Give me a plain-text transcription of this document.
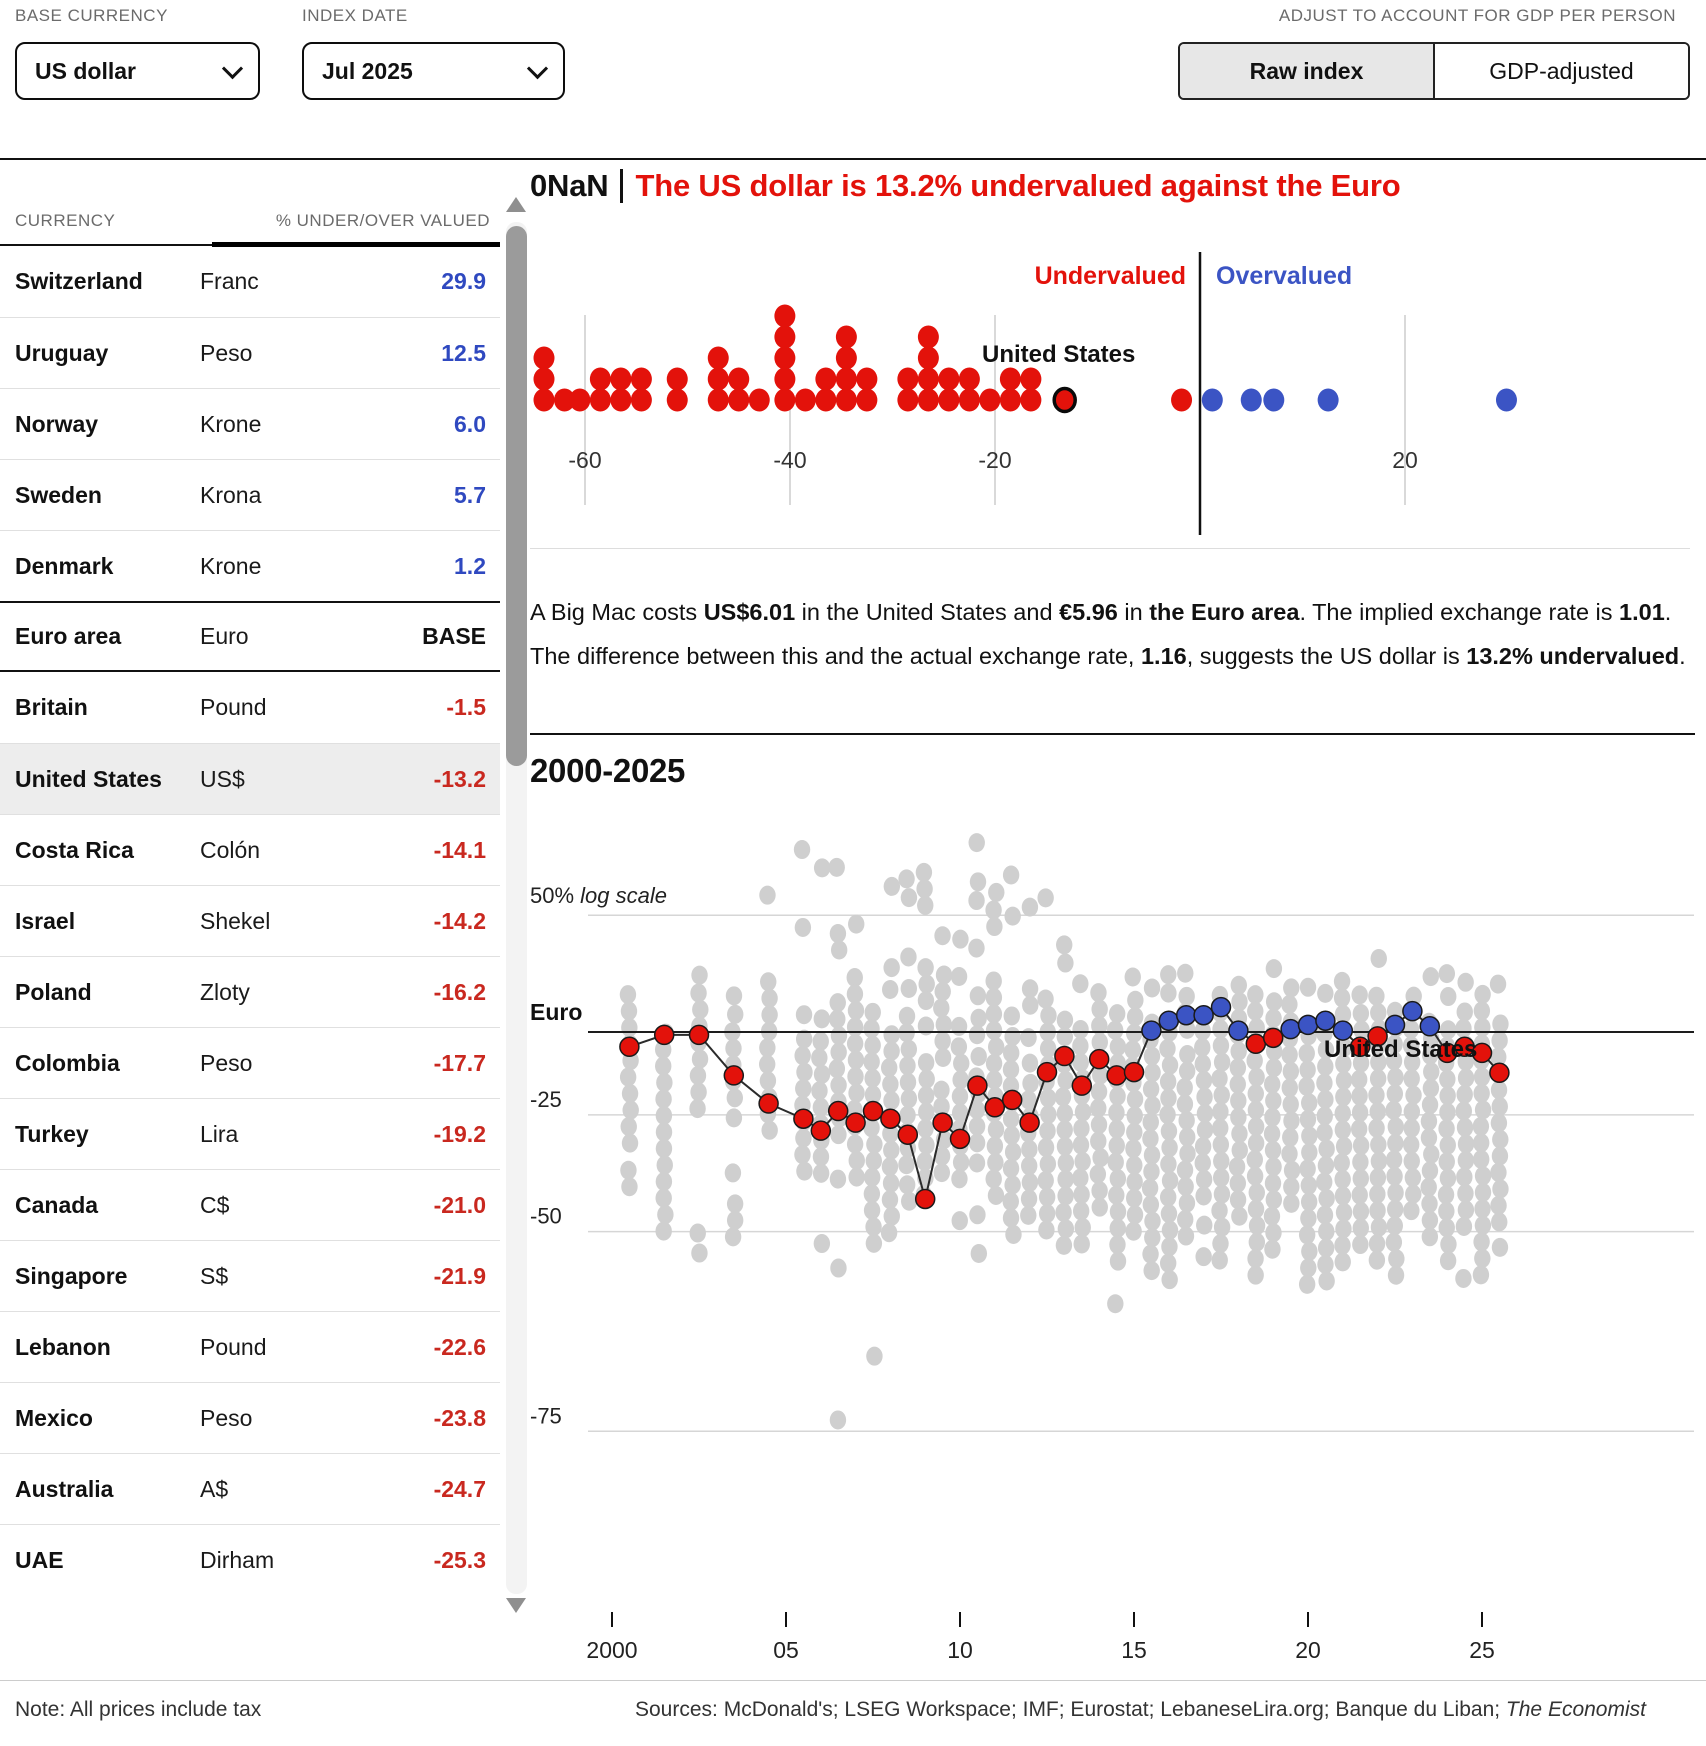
BASE CURRENCY
US dollar
INDEX DATE
Jul 2025
ADJUST TO ACCOUNT FOR GDP PER PERSON
Raw index	GDP-adjusted
CURRENCY	% UNDER/OVER VALUED
Switzerland	Franc	29.9
Uruguay	Peso	12.5
Norway	Krone	6.0
Sweden	Krona	5.7
Denmark	Krone	1.2
Euro area	Euro	BASE
Britain	Pound	-1.5
United States	US$	-13.2
Costa Rica	Colón	-14.1
Israel	Shekel	-14.2
Poland	Zloty	-16.2
Colombia	Peso	-17.7
Turkey	Lira	-19.2
Canada	C$	-21.0
Singapore	S$	-21.9
Lebanon	Pound	-22.6
Mexico	Peso	-23.8
Australia	A$	-24.7
UAE	Dirham	-25.3
0NaN The US dollar is 13.2% undervalued against the Euro
-60	-40	-20	20
Undervalued Overvalued
United States

A Big Mac costs US$6.01 in the United States and €5.96 in the Euro area. The implied exchange rate is 1.01. The difference between this and the actual exchange rate, 1.16, suggests the US dollar is 13.2% undervalued.

2000-2025
50% log scale
Euro
-25
-50
-75
2000	05	10	15	20	25
United States
Note: All prices include tax	Sources: McDonald's; LSEG Workspace; IMF; Eurostat; LebaneseLira.org; Banque du Liban; The Economist
